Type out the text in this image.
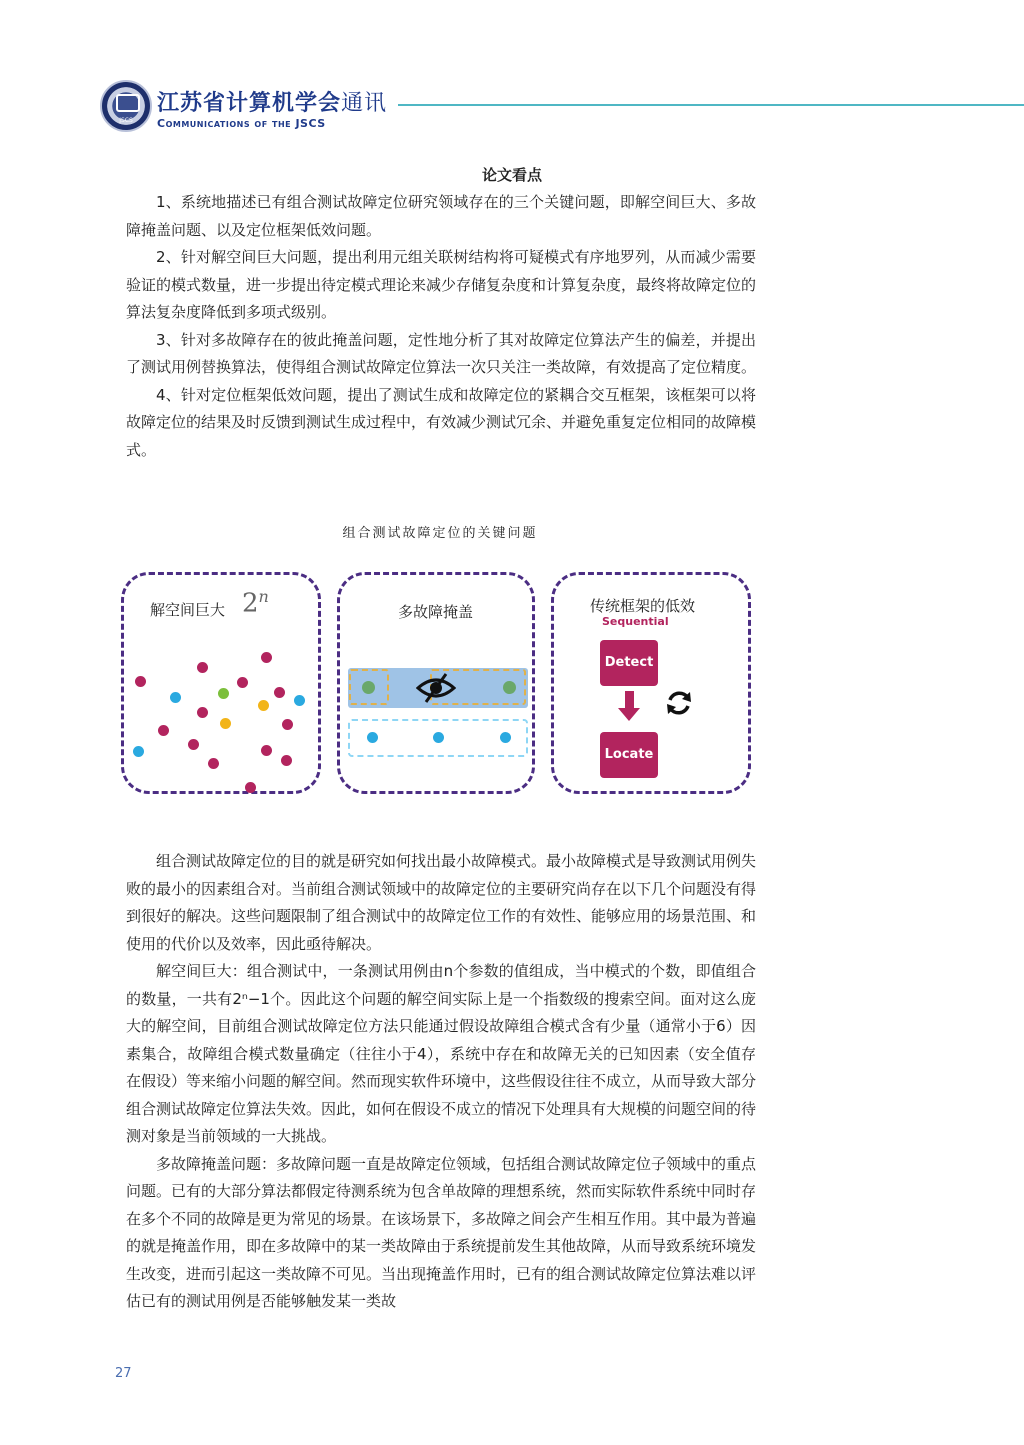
JSCS
江苏省计算机学会通讯
Communications of the JSCS
论文看点

1、系统地描述已有组合测试故障定位研究领域存在的三个关键问题，即解空间巨大、多故障掩盖问题、以及定位框架低效问题。

2、针对解空间巨大问题，提出利用元组关联树结构将可疑模式有序地罗列，从而减少需要验证的模式数量，进一步提出待定模式理论来减少存储复杂度和计算复杂度，最终将故障定位的算法复杂度降低到多项式级别。

3、针对多故障存在的彼此掩盖问题，定性地分析了其对故障定位算法产生的偏差，并提出了测试用例替换算法，使得组合测试故障定位算法一次只关注一类故障，有效提高了定位精度。

4、针对定位框架低效问题，提出了测试生成和故障定位的紧耦合交互框架，该框架可以将故障定位的结果及时反馈到测试生成过程中，有效减少测试冗余、并避免重复定位相同的故障模式。

组合测试故障定位的关键问题
解空间巨大 2$^n$
多故障掩盖	传统框架的低效
Sequential
Detect
Locate

组合测试故障定位的目的就是研究如何找出最小故障模式。最小故障模式是导致测试用例失败的最小的因素组合对。当前组合测试领域中的故障定位的主要研究尚存在以下几个问题没有得到很好的解决。这些问题限制了组合测试中的故障定位工作的有效性、能够应用的场景范围、和使用的代价以及效率，因此亟待解决。

解空间巨大：组合测试中，一条测试用例由n个参数的值组成，当中模式的个数，即值组合的数量，一共有2ⁿ−1个。因此这个问题的解空间实际上是一个指数级的搜索空间。面对这么庞大的解空间，目前组合测试故障定位方法只能通过假设故障组合模式含有少量（通常小于6）因素集合，故障组合模式数量确定（往往小于4），系统中存在和故障无关的已知因素（安全值存在假设）等来缩小问题的解空间。然而现实软件环境中，这些假设往往不成立，从而导致大部分组合测试故障定位算法失效。因此，如何在假设不成立的情况下处理具有大规模的问题空间的待测对象是当前领域的一大挑战。

多故障掩盖问题：多故障问题一直是故障定位领域，包括组合测试故障定位子领域中的重点问题。已有的大部分算法都假定待测系统为包含单故障的理想系统，然而实际软件系统中同时存在多个不同的故障是更为常见的场景。在该场景下，多故障之间会产生相互作用。其中最为普遍的就是掩盖作用，即在多故障中的某一类故障由于系统提前发生其他故障，从而导致系统环境发生改变，进而引起这一类故障不可见。当出现掩盖作用时，已有的组合测试故障定位算法难以评估已有的测试用例是否能够触发某一类故

27
